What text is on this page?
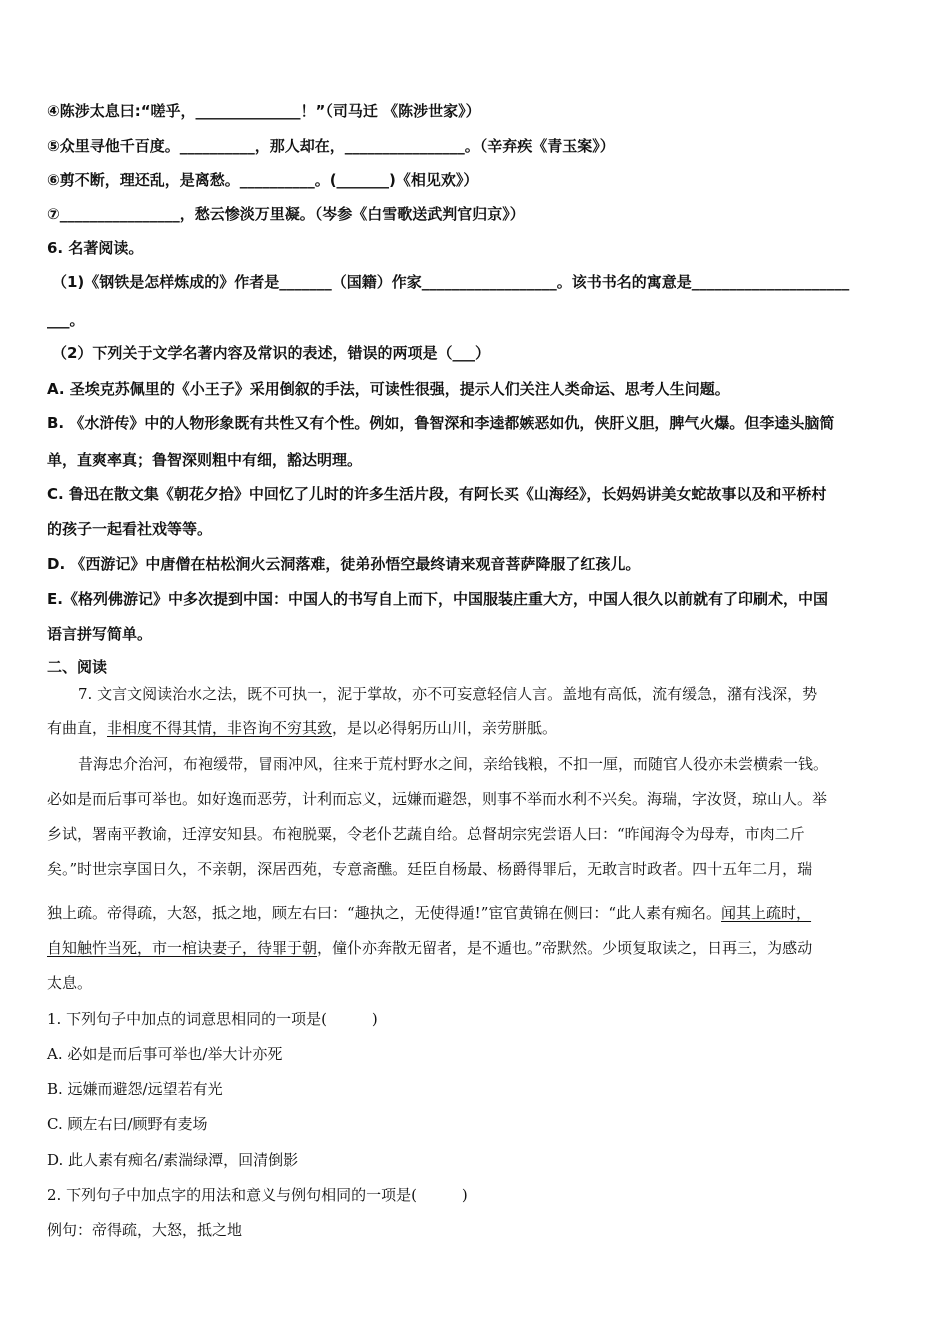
④陈涉太息曰:“嗟乎，______________！”（司马迁 《陈涉世家》）
⑤众里寻他千百度。__________，那人却在，________________。（辛弃疾《青玉案》）
⑥剪不断，理还乱，是离愁。__________。(_______)《相见欢》）
⑦________________，愁云惨淡万里凝。（岑参《白雪歌送武判官归京》）
6. 名著阅读。
（1)《钢铁是怎样炼成的》作者是_______（国籍）作家__________________。该书书名的寓意是_____________________
___。
（2）下列关于文学名著内容及常识的表述，错误的两项是（___）
A. 圣埃克苏佩里的《小王子》采用倒叙的手法，可读性很强，提示人们关注人类命运、思考人生问题。
B. 《水浒传》中的人物形象既有共性又有个性。例如，鲁智深和李逵都嫉恶如仇，侠肝义胆，脾气火爆。但李逵头脑简
单，直爽率真；鲁智深则粗中有细，豁达明理。
C. 鲁迅在散文集《朝花夕拾》中回忆了儿时的许多生活片段，有阿长买《山海经》，长妈妈讲美女蛇故事以及和平桥村
的孩子一起看社戏等等。
D. 《西游记》中唐僧在枯松涧火云洞落难，徒弟孙悟空最终请来观音菩萨降服了红孩儿。
E.《格列佛游记》中多次提到中国：中国人的书写自上而下，中国服装庄重大方，中国人很久以前就有了印刷术，中国
语言拼写简单。
二、阅读
7. 文言文阅读治水之法，既不可执一，泥于掌故，亦不可妄意轻信人言。盖地有高低，流有缓急，潴有浅深，势
有曲直，非相度不得其情，非咨询不穷其致，是以必得躬历山川，亲劳胼胝。
昔海忠介治河，布袍缓带，冒雨冲风，往来于荒村野水之间，亲给钱粮，不扣一厘，而随官人役亦未尝横索一钱。
必如是而后事可举也。如好逸而恶劳，计利而忘义，远嫌而避怨，则事不举而水利不兴矣。海瑞，字汝贤，琼山人。举
乡试，署南平教谕，迁淳安知县。布袍脱粟，令老仆艺蔬自给。总督胡宗宪尝语人曰：“昨闻海令为母寿，市肉二斤
矣。”时世宗享国日久，不亲朝，深居西苑，专意斋醮。廷臣自杨最、杨爵得罪后，无敢言时政者。四十五年二月，瑞
独上疏。帝得疏，大怒，抵之地，顾左右曰：“趣执之，无使得遁!”宦官黄锦在侧曰：“此人素有痴名。闻其上疏时，
自知触忤当死，市一棺诀妻子，待罪于朝，僮仆亦奔散无留者，是不遁也。”帝默然。少顷复取读之，日再三，为感动
太息。
1. 下列句子中加点的词意思相同的一项是(　　　)
A. 必如是而后事可举也/举大计亦死
B. 远嫌而避怨/远望若有光
C. 顾左右曰/顾野有麦场
D. 此人素有痴名/素湍绿潭，回清倒影
2. 下列句子中加点字的用法和意义与例句相同的一项是(　　　)
例句：帝得疏，大怒，抵之地
